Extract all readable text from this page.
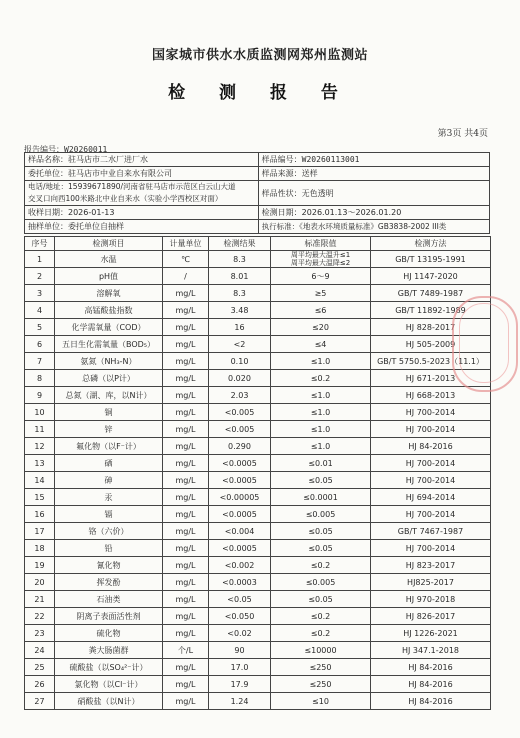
国家城市供水水质监测网郑州监测站
检 测 报 告
第3页 共4页
报告编号：W20260011
样品名称：驻马店市二水厂进厂水	样品编号：W20260113001
委托单位：驻马店市中业自来水有限公司	样品来源：送样

电话/地址：15939671890/河南省驻马店市示范区白云山大道
交叉口向西100米路北中业自来水（实验小学西校区对面）	样品性状：无色透明
收样日期：2026-01-13	检测日期：2026.01.13～2026.01.20
抽样单位：委托单位自抽样	执行标准：《地表水环境质量标准》GB3838-2002 III类
序号	检测项目	计量单位	检测结果	标准限值	检测方法
1	水温	℃	8.3	周平均最大温升≤1
周平均最大温降≤2	GB/T 13195-1991
2	pH值	/	8.01	6～9	HJ 1147-2020
3	溶解氧	mg/L	8.3	≥5	GB/T 7489-1987
4	高锰酸盐指数	mg/L	3.48	≤6	GB/T 11892-1989
5	化学需氧量（COD）	mg/L	16	≤20	HJ 828-2017
6	五日生化需氧量（BOD₅）	mg/L	<2	≤4	HJ 505-2009
7	氨氮（NH₃-N）	mg/L	0.10	≤1.0	GB/T 5750.5-2023（11.1）
8	总磷（以P计）	mg/L	0.020	≤0.2	HJ 671-2013
9	总氮（湖、库，以N计）	mg/L	2.03	≤1.0	HJ 668-2013
10	铜	mg/L	<0.005	≤1.0	HJ 700-2014
11	锌	mg/L	<0.005	≤1.0	HJ 700-2014
12	氟化物（以F⁻计）	mg/L	0.290	≤1.0	HJ 84-2016
13	硒	mg/L	<0.0005	≤0.01	HJ 700-2014
14	砷	mg/L	<0.0005	≤0.05	HJ 700-2014
15	汞	mg/L	<0.00005	≤0.0001	HJ 694-2014
16	镉	mg/L	<0.0005	≤0.005	HJ 700-2014
17	铬（六价）	mg/L	<0.004	≤0.05	GB/T 7467-1987
18	铅	mg/L	<0.0005	≤0.05	HJ 700-2014
19	氰化物	mg/L	<0.002	≤0.2	HJ 823-2017
20	挥发酚	mg/L	<0.0003	≤0.005	HJ825-2017
21	石油类	mg/L	<0.05	≤0.05	HJ 970-2018
22	阴离子表面活性剂	mg/L	<0.050	≤0.2	HJ 826-2017
23	硫化物	mg/L	<0.02	≤0.2	HJ 1226-2021
24	粪大肠菌群	个/L	90	≤10000	HJ 347.1-2018
25	硫酸盐（以SO₄²⁻计）	mg/L	17.0	≤250	HJ 84-2016
26	氯化物（以Cl⁻计）	mg/L	17.9	≤250	HJ 84-2016
27	硝酸盐（以N计）	mg/L	1.24	≤10	HJ 84-2016
